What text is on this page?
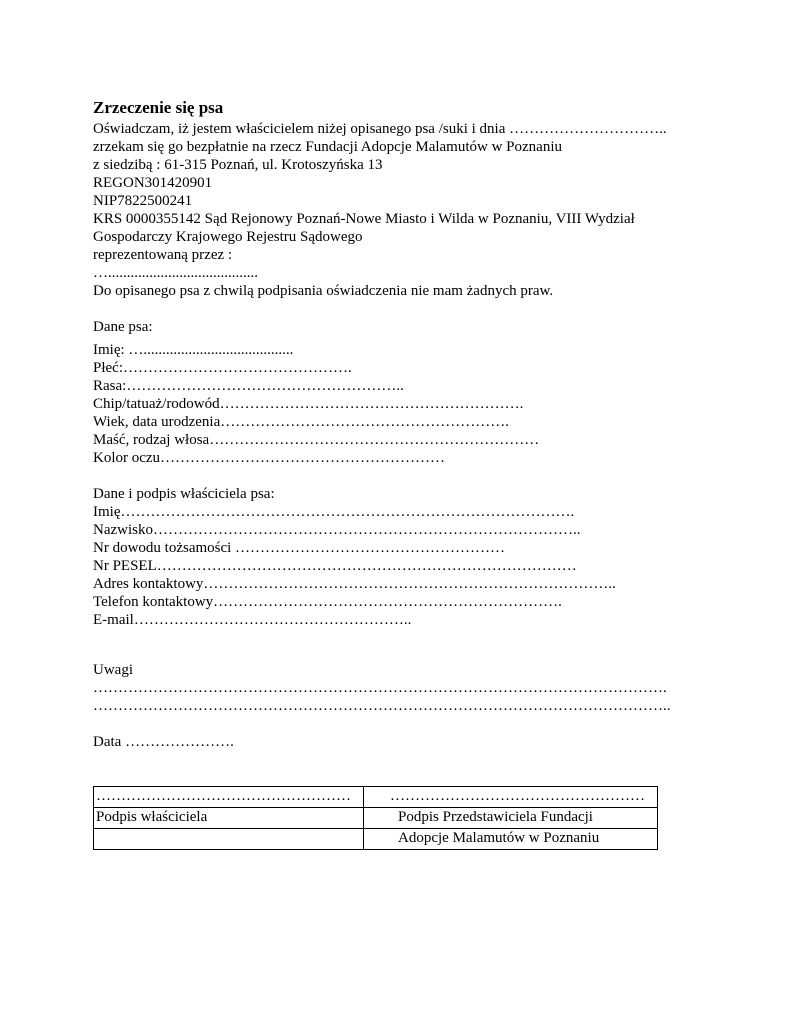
Zrzeczenie się psa
Oświadczam, iż jestem właścicielem niżej opisanego psa /suki i dnia …………………………..
zrzekam się go bezpłatnie na rzecz Fundacji Adopcje Malamutów w Poznaniu
z siedzibą : 61-315 Poznań, ul. Krotoszyńska 13
REGON301420901
NIP7822500241
KRS 0000355142 Sąd Rejonowy Poznań-Nowe Miasto i Wilda w Poznaniu, VIII Wydział
Gospodarczy Krajowego Rejestru Sądowego
reprezentowaną przez :
…........................................
Do opisanego psa z chwilą podpisania oświadczenia nie mam żadnych praw.
Dane psa:
Imię: …........................................
Płeć:……………………………………….
Rasa:………………………………………………..
Chip/tatuaż/rodowód…………………………………………………….
Wiek, data urodzenia………………………………………………….
Maść, rodzaj włosa…………………………………………………………
Kolor oczu…………………………………………………
Dane i podpis właściciela psa:
Imię……………………………………………………………………………….
Nazwisko…………………………………………………………………………..
Nr dowodu tożsamości ………………………………………………
Nr PESEL…………………………………………………………………………
Adres kontaktowy………………………………………………………………………..
Telefon kontaktowy…………………………………………………………….
E-mail………………………………………………..
Uwagi
…………………………………………………………………………………………………….
……………………………………………………………………………………………………..
Data ………………….
……………………………………………	……………………………………………
Podpis właściciela	Podpis Przedstawiciela Fundacji
	Adopcje Malamutów w Poznaniu
